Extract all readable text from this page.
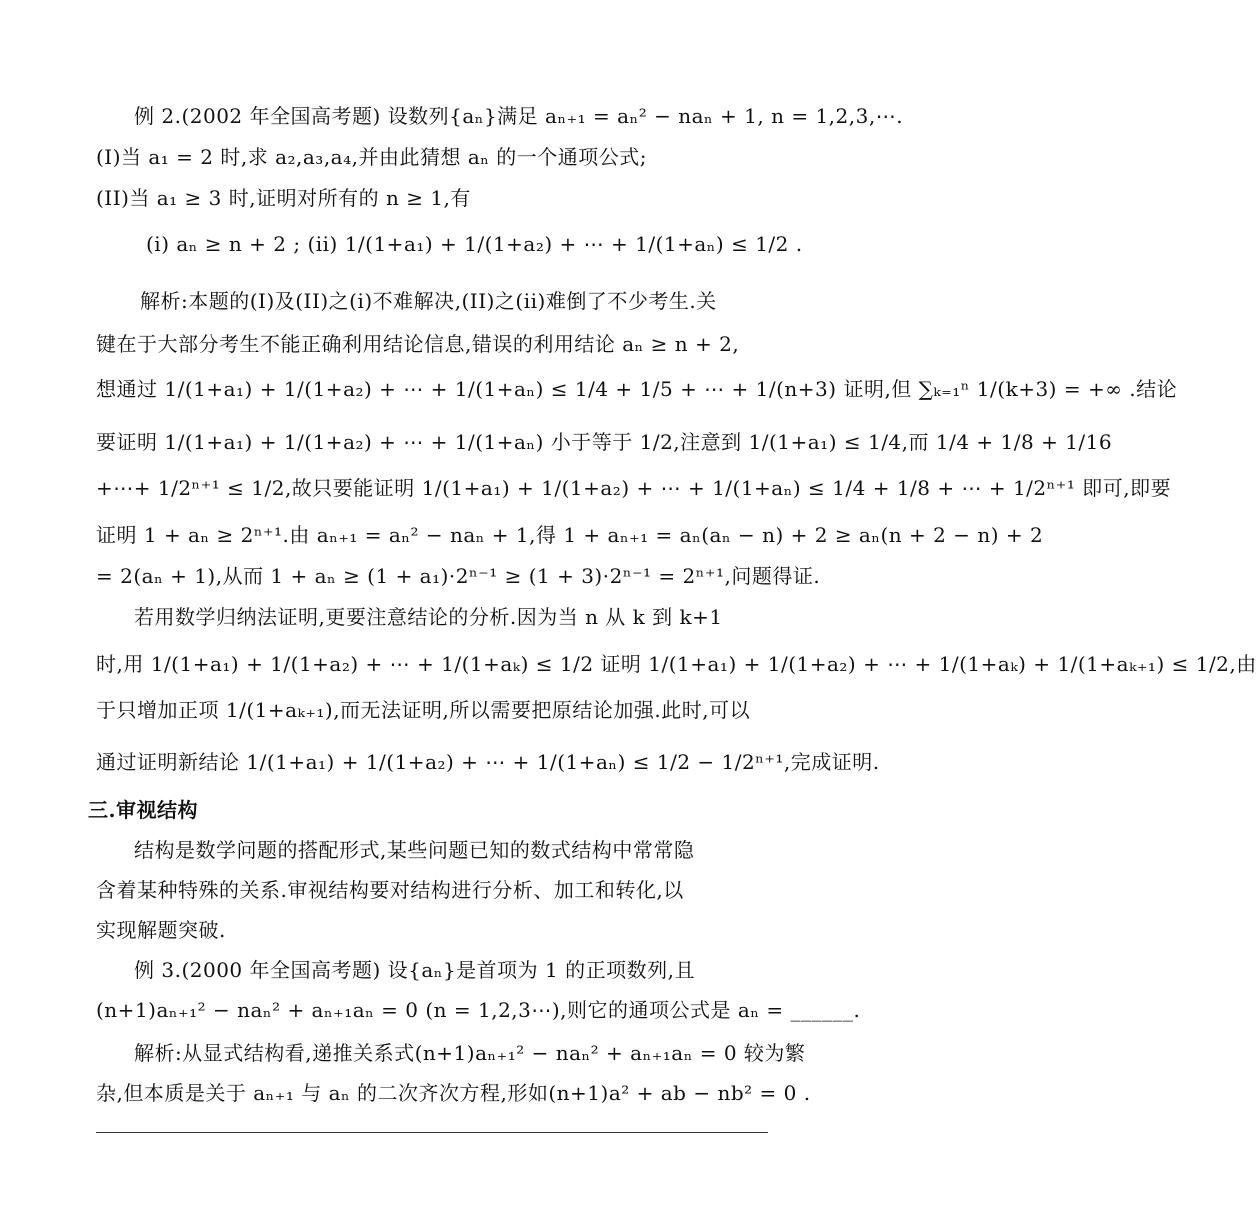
例 2.(2002 年全国高考题) 设数列{aₙ}满足 aₙ₊₁ = aₙ² − naₙ + 1, n = 1,2,3,⋯.
(I)当 a₁ = 2 时,求 a₂,a₃,a₄,并由此猜想 aₙ 的一个通项公式;
(II)当 a₁ ≥ 3 时,证明对所有的 n ≥ 1,有
(i) aₙ ≥ n + 2 ; (ii) 1/(1+a₁) + 1/(1+a₂) + ⋯ + 1/(1+aₙ) ≤ 1/2 .
解析:本题的(I)及(II)之(i)不难解决,(II)之(ii)难倒了不少考生.关
键在于大部分考生不能正确利用结论信息,错误的利用结论 aₙ ≥ n + 2,
想通过 1/(1+a₁) + 1/(1+a₂) + ⋯ + 1/(1+aₙ) ≤ 1/4 + 1/5 + ⋯ + 1/(n+3) 证明,但 ∑ₖ₌₁ⁿ 1/(k+3) = +∞ .结论
要证明 1/(1+a₁) + 1/(1+a₂) + ⋯ + 1/(1+aₙ) 小于等于 1/2,注意到 1/(1+a₁) ≤ 1/4,而 1/4 + 1/8 + 1/16
+⋯+ 1/2ⁿ⁺¹ ≤ 1/2,故只要能证明 1/(1+a₁) + 1/(1+a₂) + ⋯ + 1/(1+aₙ) ≤ 1/4 + 1/8 + ⋯ + 1/2ⁿ⁺¹ 即可,即要
证明 1 + aₙ ≥ 2ⁿ⁺¹.由 aₙ₊₁ = aₙ² − naₙ + 1,得 1 + aₙ₊₁ = aₙ(aₙ − n) + 2 ≥ aₙ(n + 2 − n) + 2
= 2(aₙ + 1),从而 1 + aₙ ≥ (1 + a₁)·2ⁿ⁻¹ ≥ (1 + 3)·2ⁿ⁻¹ = 2ⁿ⁺¹,问题得证.
若用数学归纳法证明,更要注意结论的分析.因为当 n 从 k 到 k+1
时,用 1/(1+a₁) + 1/(1+a₂) + ⋯ + 1/(1+aₖ) ≤ 1/2 证明 1/(1+a₁) + 1/(1+a₂) + ⋯ + 1/(1+aₖ) + 1/(1+aₖ₊₁) ≤ 1/2,由
于只增加正项 1/(1+aₖ₊₁),而无法证明,所以需要把原结论加强.此时,可以
通过证明新结论 1/(1+a₁) + 1/(1+a₂) + ⋯ + 1/(1+aₙ) ≤ 1/2 − 1/2ⁿ⁺¹,完成证明.
三.审视结构
结构是数学问题的搭配形式,某些问题已知的数式结构中常常隐
含着某种特殊的关系.审视结构要对结构进行分析、加工和转化,以
实现解题突破.
例 3.(2000 年全国高考题) 设{aₙ}是首项为 1 的正项数列,且
(n+1)aₙ₊₁² − naₙ² + aₙ₊₁aₙ = 0 (n = 1,2,3⋯),则它的通项公式是 aₙ = ______.
解析:从显式结构看,递推关系式(n+1)aₙ₊₁² − naₙ² + aₙ₊₁aₙ = 0 较为繁
杂,但本质是关于 aₙ₊₁ 与 aₙ 的二次齐次方程,形如(n+1)a² + ab − nb² = 0 .
